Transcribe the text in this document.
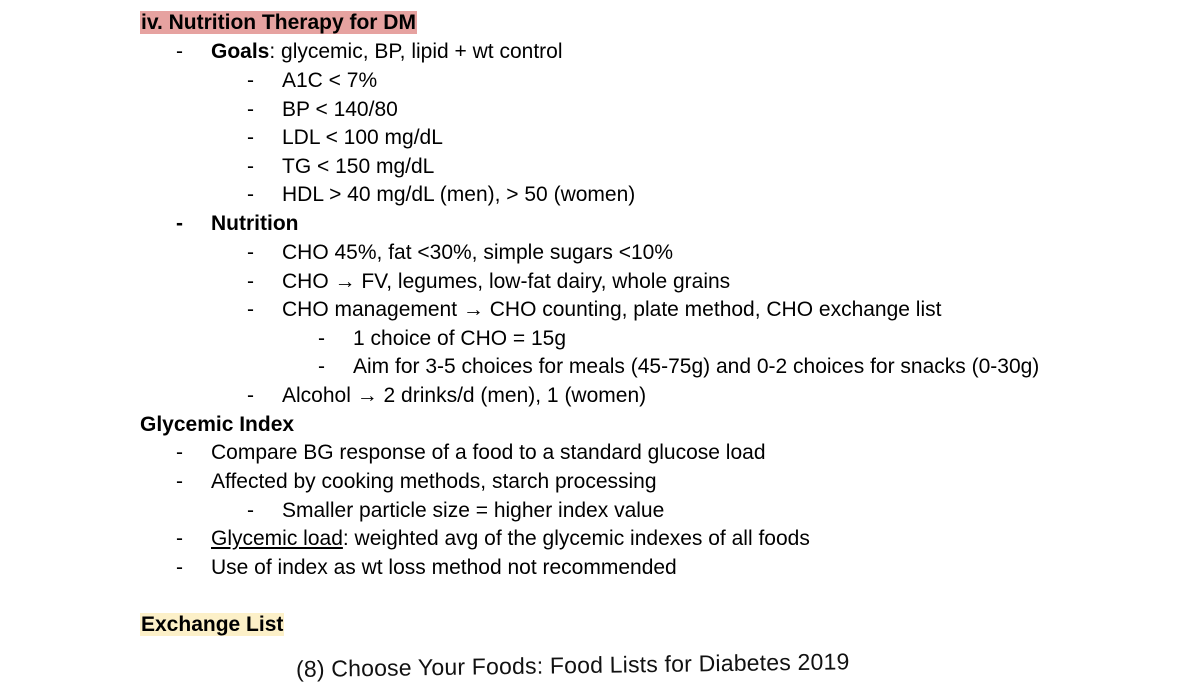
iv. Nutrition Therapy for DM
-	Goals: glycemic, BP, lipid + wt control
-	A1C < 7%
-	BP < 140/80
-	LDL < 100 mg/dL
-	TG < 150 mg/dL
-	HDL > 40 mg/dL (men), > 50 (women)
-	Nutrition
-	CHO 45%, fat <30%, simple sugars <10%
-	CHO → FV, legumes, low-fat dairy, whole grains
-	CHO management → CHO counting, plate method, CHO exchange list
-	1 choice of CHO = 15g
-	Aim for 3-5 choices for meals (45-75g) and 0-2 choices for snacks (0-30g)
-	Alcohol → 2 drinks/d (men), 1 (women)
Glycemic Index
-	Compare BG response of a food to a standard glucose load
-	Affected by cooking methods, starch processing
-	Smaller particle size = higher index value
-	Glycemic load: weighted avg of the glycemic indexes of all foods
-	Use of index as wt loss method not recommended
Exchange List
(8) Choose Your Foods: Food Lists for Diabetes 2019
